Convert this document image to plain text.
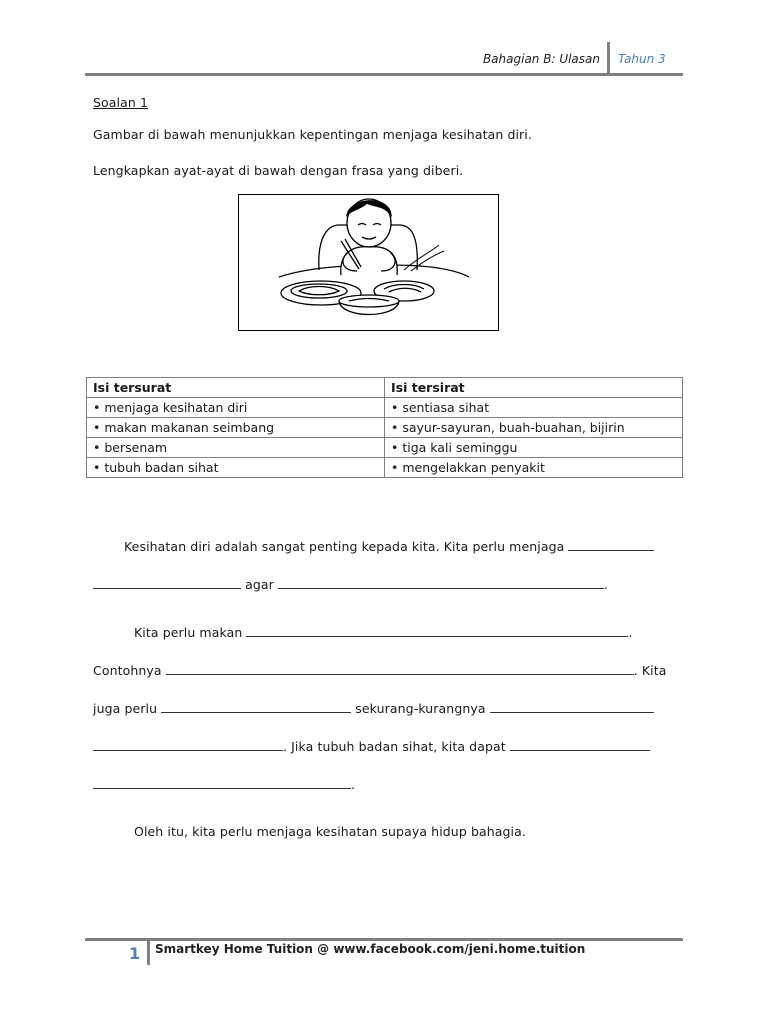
Bahagian B: Ulasan Tahun 3
Soalan 1
Gambar di bawah menunjukkan kepentingan menjaga kesihatan diri.
Lengkapkan ayat-ayat di bawah dengan frasa yang diberi.
Isi tersurat	Isi tersirat
• menjaga kesihatan diri	• sentiasa sihat
• makan makanan seimbang	• sayur-sayuran, buah-buahan, bijirin
• bersenam	• tiga kali seminggu
• tubuh badan sihat	• mengelakkan penyakit
Kesihatan diri adalah sangat penting kepada kita. Kita perlu menjaga
agar	.
Kita perlu makan	.
Contohnya	. Kita
juga perlu	sekurang-kurangnya
. Jika tubuh badan sihat, kita dapat
.
Oleh itu, kita perlu menjaga kesihatan supaya hidup bahagia.
1 Smartkey Home Tuition @ www.facebook.com/jeni.home.tuition
